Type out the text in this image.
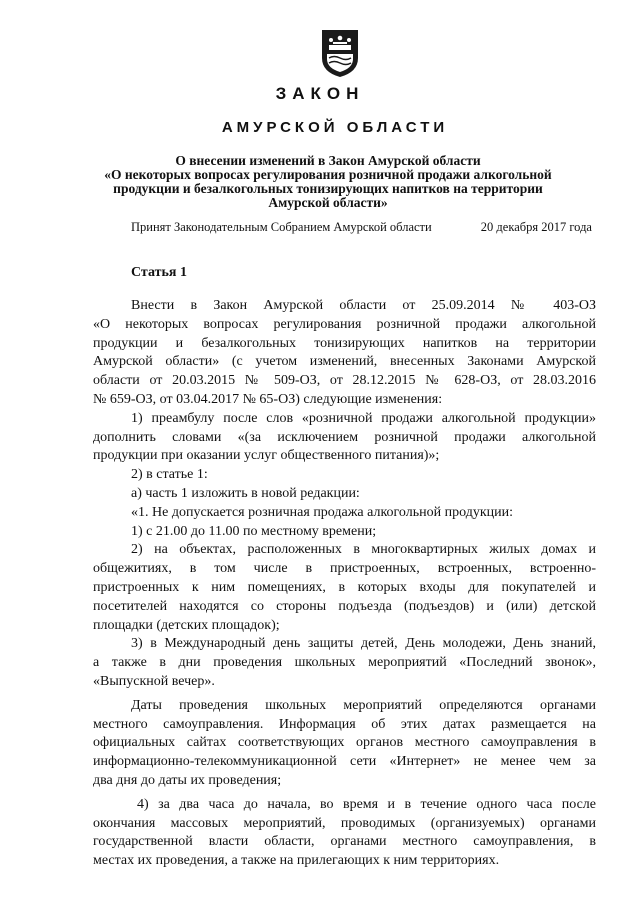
ЗАКОН
АМУРСКОЙ ОБЛАСТИ
О внесении изменений в Закон Амурской области
«О некоторых вопросах регулирования розничной продажи алкогольной
продукции и безалкогольных тонизирующих напитков на территории
Амурской области»
Принят Законодательным Собранием Амурской области	20 декабря 2017 года
Статья 1
Внести в Закон Амурской области от 25.09.2014 № 403-ОЗ
«О некоторых вопросах регулирования розничной продажи алкогольной
продукции и безалкогольных тонизирующих напитков на территории
Амурской области» (с учетом изменений, внесенных Законами Амурской
области от 20.03.2015 № 509-ОЗ, от 28.12.2015 № 628-ОЗ, от 28.03.2016
№ 659-ОЗ, от 03.04.2017 № 65-ОЗ) следующие изменения:
1) преамбулу после слов «розничной продажи алкогольной продукции»
дополнить словами «(за исключением розничной продажи алкогольной
продукции при оказании услуг общественного питания)»;
2) в статье 1:
а) часть 1 изложить в новой редакции:
«1. Не допускается розничная продажа алкогольной продукции:
1) с 21.00 до 11.00 по местному времени;
2) на объектах, расположенных в многоквартирных жилых домах и
общежитиях, в том числе в пристроенных, встроенных, встроенно-
пристроенных к ним помещениях, в которых входы для покупателей и
посетителей находятся со стороны подъезда (подъездов) и (или) детской
площадки (детских площадок);
3) в Международный день защиты детей, День молодежи, День знаний,
а также в дни проведения школьных мероприятий «Последний звонок»,
«Выпускной вечер».
Даты проведения школьных мероприятий определяются органами
местного самоуправления. Информация об этих датах размещается на
официальных сайтах соответствующих органов местного самоуправления в
информационно-телекоммуникационной сети «Интернет» не менее чем за
два дня до даты их проведения;
4) за два часа до начала, во время и в течение одного часа после
окончания массовых мероприятий, проводимых (организуемых) органами
государственной власти области, органами местного самоуправления, в
местах их проведения, а также на прилегающих к ним территориях.
